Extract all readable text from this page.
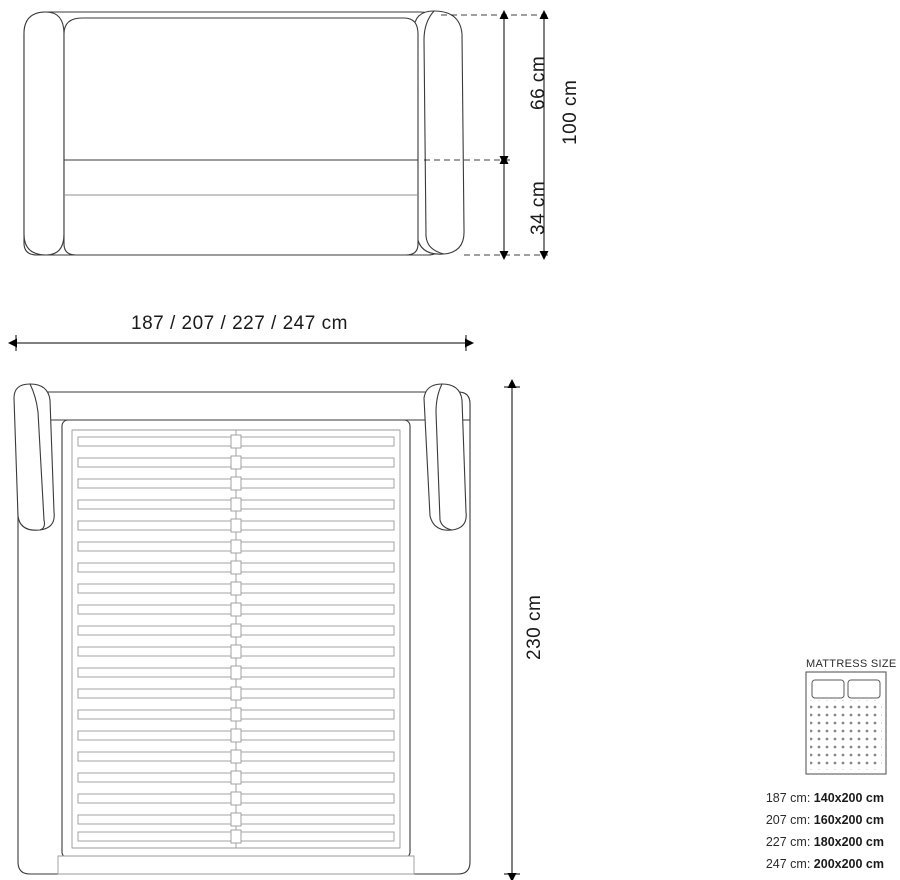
66 cm
34 cm
100 cm
187 / 207 / 227 / 247 cm
230 cm
MATTRESS SIZE
187 cm: 140x200 cm
207 cm: 160x200 cm
227 cm: 180x200 cm
247 cm: 200x200 cm
